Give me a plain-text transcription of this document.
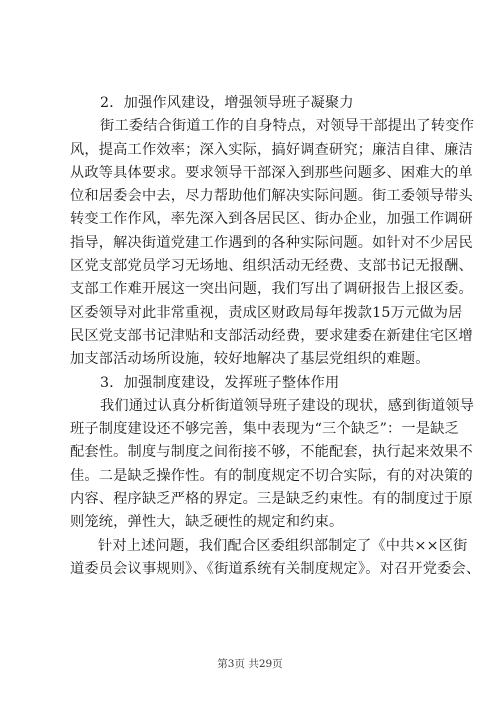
2．加强作风建设，增强领导班子凝聚力
街工委结合街道工作的自身特点，对领导干部提出了转变作
风，提高工作效率；深入实际，搞好调查研究；廉洁自律、廉洁
从政等具体要求。要求领导干部深入到那些问题多、困难大的单
位和居委会中去，尽力帮助他们解决实际问题。街工委领导带头
转变工作作风，率先深入到各居民区、街办企业，加强工作调研
指导，解决街道党建工作遇到的各种实际问题。如针对不少居民
区党支部党员学习无场地、组织活动无经费、支部书记无报酬、
支部工作难开展这一突出问题，我们写出了调研报告上报区委。
区委领导对此非常重视，责成区财政局每年拨款15万元做为居
民区党支部书记津贴和支部活动经费，要求建委在新建住宅区增
加支部活动场所设施，较好地解决了基层党组织的难题。
3．加强制度建设，发挥班子整体作用
我们通过认真分析街道领导班子建设的现状，感到街道领导
班子制度建设还不够完善，集中表现为“三个缺乏”：一是缺乏
配套性。制度与制度之间衔接不够，不能配套，执行起来效果不
佳。二是缺乏操作性。有的制度规定不切合实际，有的对决策的
内容、程序缺乏严格的界定。三是缺乏约束性。有的制度过于原
则笼统，弹性大，缺乏硬性的规定和约束。
针对上述问题，我们配合区委组织部制定了《中共××区街
道委员会议事规则》、《街道系统有关制度规定》。对召开党委会、
第3页 共29页
